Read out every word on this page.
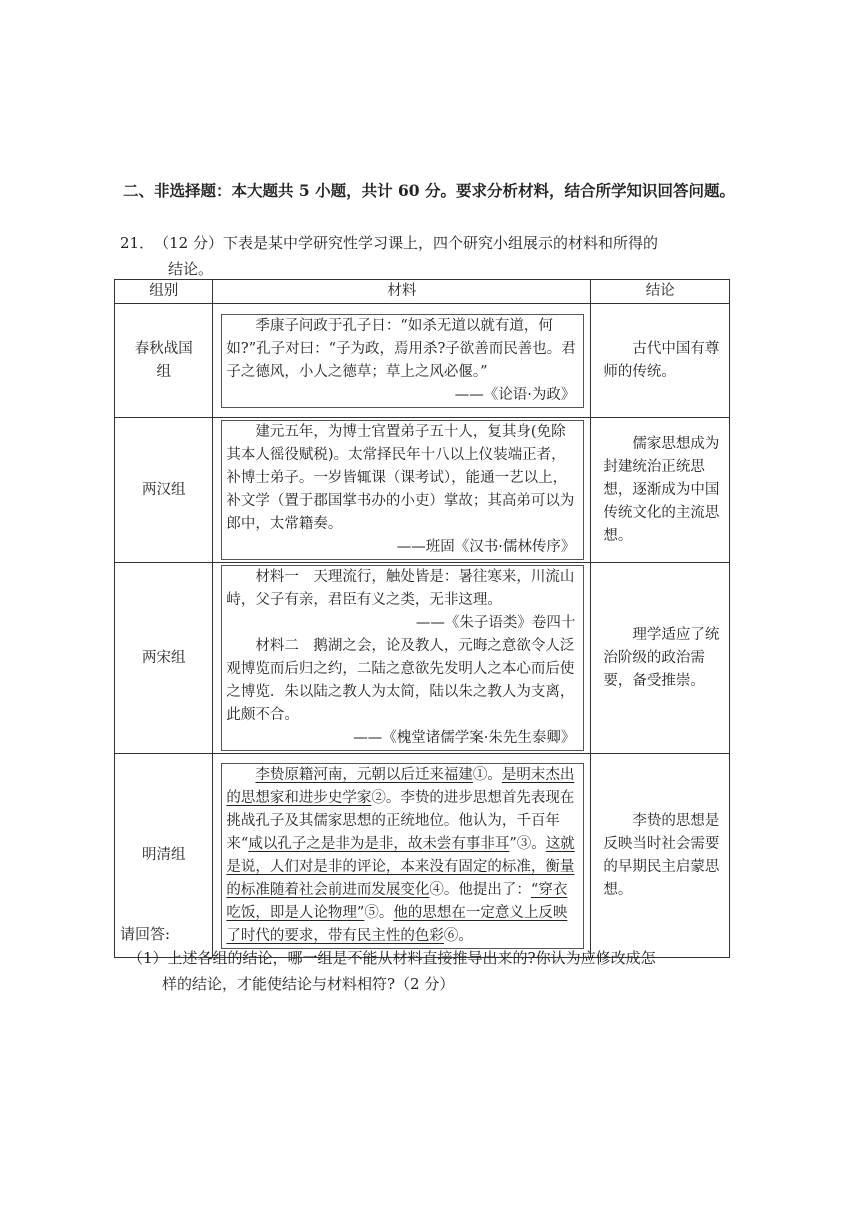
二、非选择题：本大题共 5 小题，共计 60 分。要求分析材料，结合所学知识回答问题。
21．（12 分）下表是某中学研究性学习课上，四个研究小组展示的材料和所得的
结论。
组别	材料	结论

春秋战国组	季康子问政于孔子日：“如杀无道以就有道，何如?”孔子对曰：“子为政，焉用杀?子欲善而民善也。君子之德风，小人之德草；草上之风必偃。”
——《论语·为政》	古代中国有尊师的传统。

两汉组	建元五年，为博士官置弟子五十人，复其身(免除其本人徭役赋税)。太常择民年十八以上仪装端正者，补博士弟子。一岁皆辄课（课考试），能通一艺以上，补文学（置于郡国掌书办的小吏）掌故；其高弟可以为郎中，太常籍奏。
——班固《汉书·儒林传序》	儒家思想成为封建统治正统思想，逐渐成为中国传统文化的主流思想。

两宋组	材料一　天理流行，触处皆是：暑往寒来，川流山峙，父子有亲，君臣有义之类，无非这理。
——《朱子语类》卷四十
材料二　鹅湖之会，论及教人，元晦之意欲令人泛观博览而后归之约，二陆之意欲先发明人之本心而后使之博览．朱以陆之教人为太简，陆以朱之教人为支离，此颇不合。
——《槐堂诸儒学案·朱先生泰卿》	理学适应了统治阶级的政治需要，备受推崇。

明清组	李贽原籍河南，元朝以后迁来福建①。是明末杰出的思想家和进步史学家②。李贽的进步思想首先表现在挑战孔子及其儒家思想的正统地位。他认为，千百年来“咸以孔子之是非为是非，故未尝有事非耳”③。这就是说，人们对是非的评论，本来没有固定的标准，衡量的标准随着社会前进而发展变化④。他提出了：“穿衣吃饭，即是人论物理”⑤。他的思想在一定意义上反映了时代的要求，带有民主性的色彩⑥。	李贽的思想是反映当时社会需要的早期民主启蒙思想。
请回答:
（1）上述各组的结论，哪一组是不能从材料直接推导出来的?你认为应修改成怎
样的结论，才能使结论与材料相符?（2 分）
